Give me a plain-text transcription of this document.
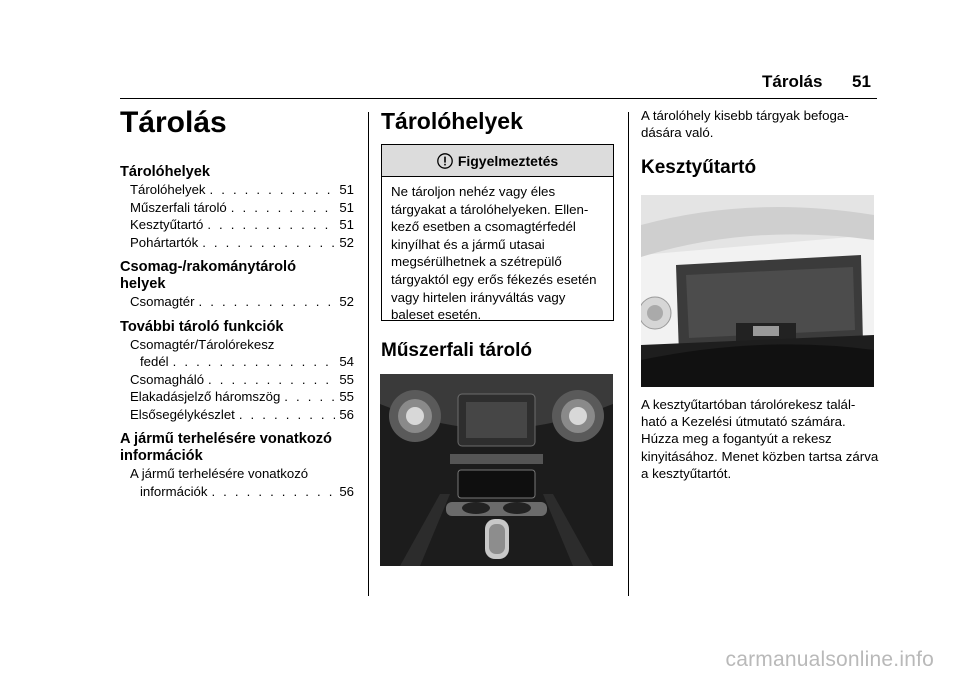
Tárolás 51
Tárolás
Tárolóhelyek
Tárolóhelyek . . .	51
Műszerfali tároló . . .	51
Kesztyűtartó . . .	51
Pohártartók . . .	52
Csomag-/rakománytároló helyek
Csomagtér . . .	52
További tároló funkciók
Csomagtér/Tárolórekesz
fedél . . .	54
Csomagháló . . .	55
Elakadásjelző háromszög . . .	55
Elsősegélykészlet . . .	56
A jármű terhelésére vonatkozó információk
A jármű terhelésére vonatkozó
információk . . .	56
Tárolóhelyek
Figyelmeztetés
Ne tároljon nehéz vagy éles tárgyakat a tárolóhelyeken. Ellen-kező esetben a csomagtérfedél kinyílhat és a jármű utasai megsérülhetnek a szétrepülő tárgyaktól egy erős fékezés esetén vagy hirtelen irányváltás vagy baleset esetén.
Műszerfali tároló
A tárolóhely kisebb tárgyak befoga-dására való.
Kesztyűtartó
A kesztyűtartóban tárolórekesz talál-ható a Kezelési útmutató számára. Húzza meg a fogantyút a rekesz kinyitásához. Menet közben tartsa zárva a kesztyűtartót.
carmanualsonline.info
